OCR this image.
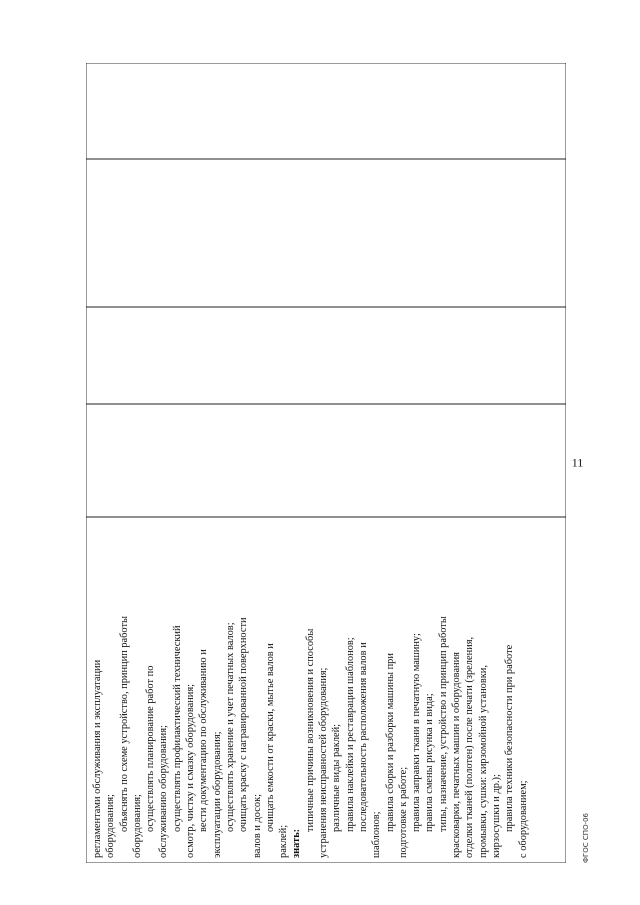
регламентами обслуживания и эксплуатации оборудования; объяснять по схеме устройство, принцип работы оборудования; осуществлять планирование работ по обслуживанию оборудования; осуществлять профилактический технический осмотр, чистку и смазку оборудования; вести документацию по обслуживанию и эксплуатации оборудования; осуществлять хранение и учет печатных валов; очищать краску с награвированной поверхности валов и досок; очищать емкости от краски, мытье валов и
раклей; знать:
типичные причины возникновения и способы устранения неисправностей оборудования; различные виды раклей; правила наклейки и реставрации шаблонов; последовательность расположения валов и
шаблонов;
правила сборки и разборки машины при подготовке к работе; правила заправки ткани в печатную машину; правила смены рисунка и вида; типы, назначение, устройство и принцип работы красковарки, печатных машин и оборудования отделки тканей (полотен) после печати (зреления, промывки, сушки: кирзомойной установки, кирзосушки и др.); правила техники безопасности при работе с оборудованием;
11
ФГОС СПО-06
